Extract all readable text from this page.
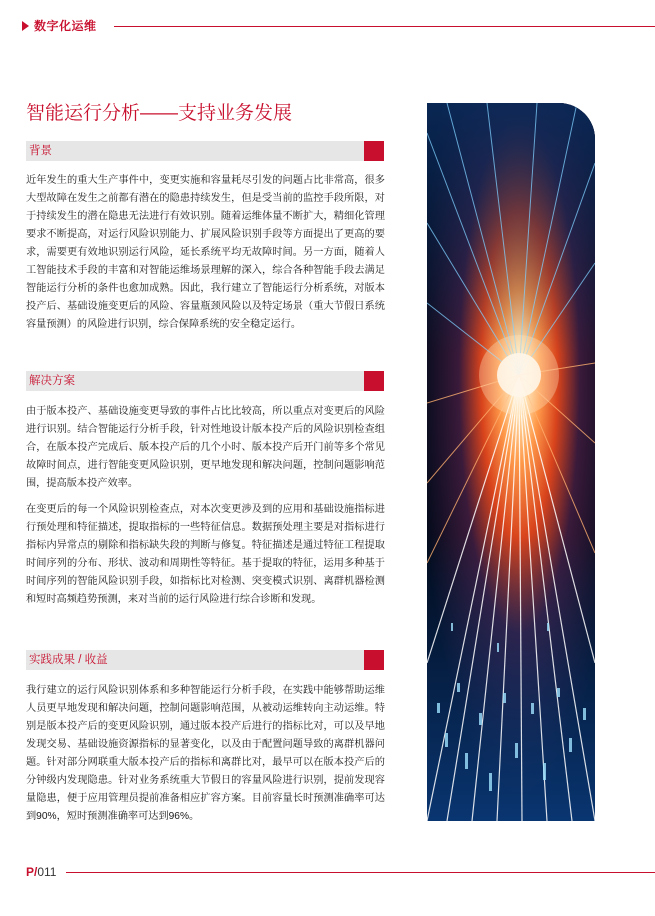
数字化运维
智能运行分析——支持业务发展
背景

近年发生的重大生产事件中，变更实施和容量耗尽引发的问题占比非常高，很多大型故障在发生之前都有潜在的隐患持续发生，但是受当前的监控手段所限，对于持续发生的潜在隐患无法进行有效识别。随着运维体量不断扩大，精细化管理要求不断提高，对运行风险识别能力、扩展风险识别手段等方面提出了更高的要求，需要更有效地识别运行风险，延长系统平均无故障时间。另一方面，随着人工智能技术手段的丰富和对智能运维场景理解的深入，综合各种智能手段去满足智能运行分析的条件也愈加成熟。因此，我行建立了智能运行分析系统，对版本投产后、基础设施变更后的风险、容量瓶颈风险以及特定场景（重大节假日系统容量预测）的风险进行识别，综合保障系统的安全稳定运行。

解决方案

由于版本投产、基础设施变更导致的事件占比比较高，所以重点对变更后的风险进行识别。结合智能运行分析手段，针对性地设计版本投产后的风险识别检查组合，在版本投产完成后、版本投产后的几个小时、版本投产后开门前等多个常见故障时间点，进行智能变更风险识别，更早地发现和解决问题，控制问题影响范围，提高版本投产效率。

在变更后的每一个风险识别检查点，对本次变更涉及到的应用和基础设施指标进行预处理和特征描述，提取指标的一些特征信息。数据预处理主要是对指标进行指标内异常点的剔除和指标缺失段的判断与修复。特征描述是通过特征工程提取时间序列的分布、形状、波动和周期性等特征。基于提取的特征，运用多种基于时间序列的智能风险识别手段，如指标比对检测、突变模式识别、离群机器检测和短时高频趋势预测，来对当前的运行风险进行综合诊断和发现。

实践成果 / 收益

我行建立的运行风险识别体系和多种智能运行分析手段，在实践中能够帮助运维人员更早地发现和解决问题，控制问题影响范围，从被动运维转向主动运维。特别是版本投产后的变更风险识别，通过版本投产后进行的指标比对，可以及早地发现交易、基础设施资源指标的显著变化，以及由于配置问题导致的离群机器问题。针对部分网联重大版本投产后的指标和离群比对，最早可以在版本投产后的分钟级内发现隐患。针对业务系统重大节假日的容量风险进行识别，提前发现容量隐患，便于应用管理员提前准备相应扩容方案。目前容量长时预测准确率可达到90%，短时预测准确率可达到96%。

P/011
